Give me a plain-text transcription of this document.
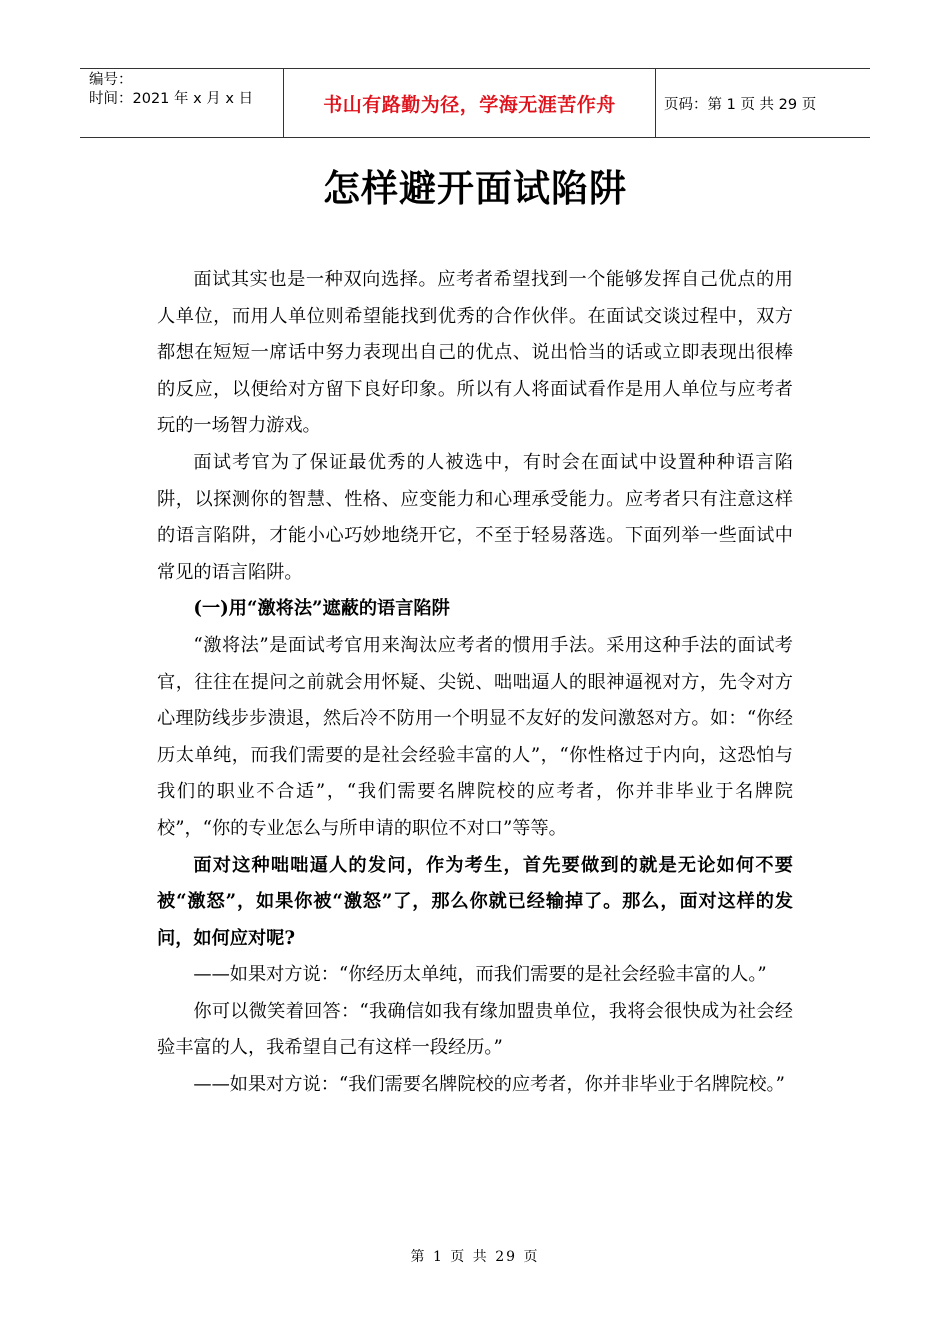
编号：
时间：2021 年 x 月 x 日	书山有路勤为径，学海无涯苦作舟	页码：第 1 页 共 29 页
怎样避开面试陷阱

面试其实也是一种双向选择。应考者希望找到一个能够发挥自己优点的用人单位，而用人单位则希望能找到优秀的合作伙伴。在面试交谈过程中，双方都想在短短一席话中努力表现出自己的优点、说出恰当的话或立即表现出很棒的反应，以便给对方留下良好印象。所以有人将面试看作是用人单位与应考者玩的一场智力游戏。

面试考官为了保证最优秀的人被选中，有时会在面试中设置种种语言陷阱，以探测你的智慧、性格、应变能力和心理承受能力。应考者只有注意这样的语言陷阱，才能小心巧妙地绕开它，不至于轻易落选。下面列举一些面试中常见的语言陷阱。

(一)用“激将法”遮蔽的语言陷阱

“激将法”是面试考官用来淘汰应考者的惯用手法。采用这种手法的面试考官，往往在提问之前就会用怀疑、尖锐、咄咄逼人的眼神逼视对方，先令对方心理防线步步溃退，然后冷不防用一个明显不友好的发问激怒对方。如：“你经历太单纯，而我们需要的是社会经验丰富的人”，“你性格过于内向，这恐怕与我们的职业不合适”，“我们需要名牌院校的应考者，你并非毕业于名牌院校”，“你的专业怎么与所申请的职位不对口”等等。

面对这种咄咄逼人的发问，作为考生，首先要做到的就是无论如何不要被“激怒”，如果你被“激怒”了，那么你就已经输掉了。那么，面对这样的发问，如何应对呢?

——如果对方说：“你经历太单纯，而我们需要的是社会经验丰富的人。”

你可以微笑着回答：“我确信如我有缘加盟贵单位，我将会很快成为社会经验丰富的人，我希望自己有这样一段经历。”

——如果对方说：“我们需要名牌院校的应考者，你并非毕业于名牌院校。”

第 1 页 共 29 页
